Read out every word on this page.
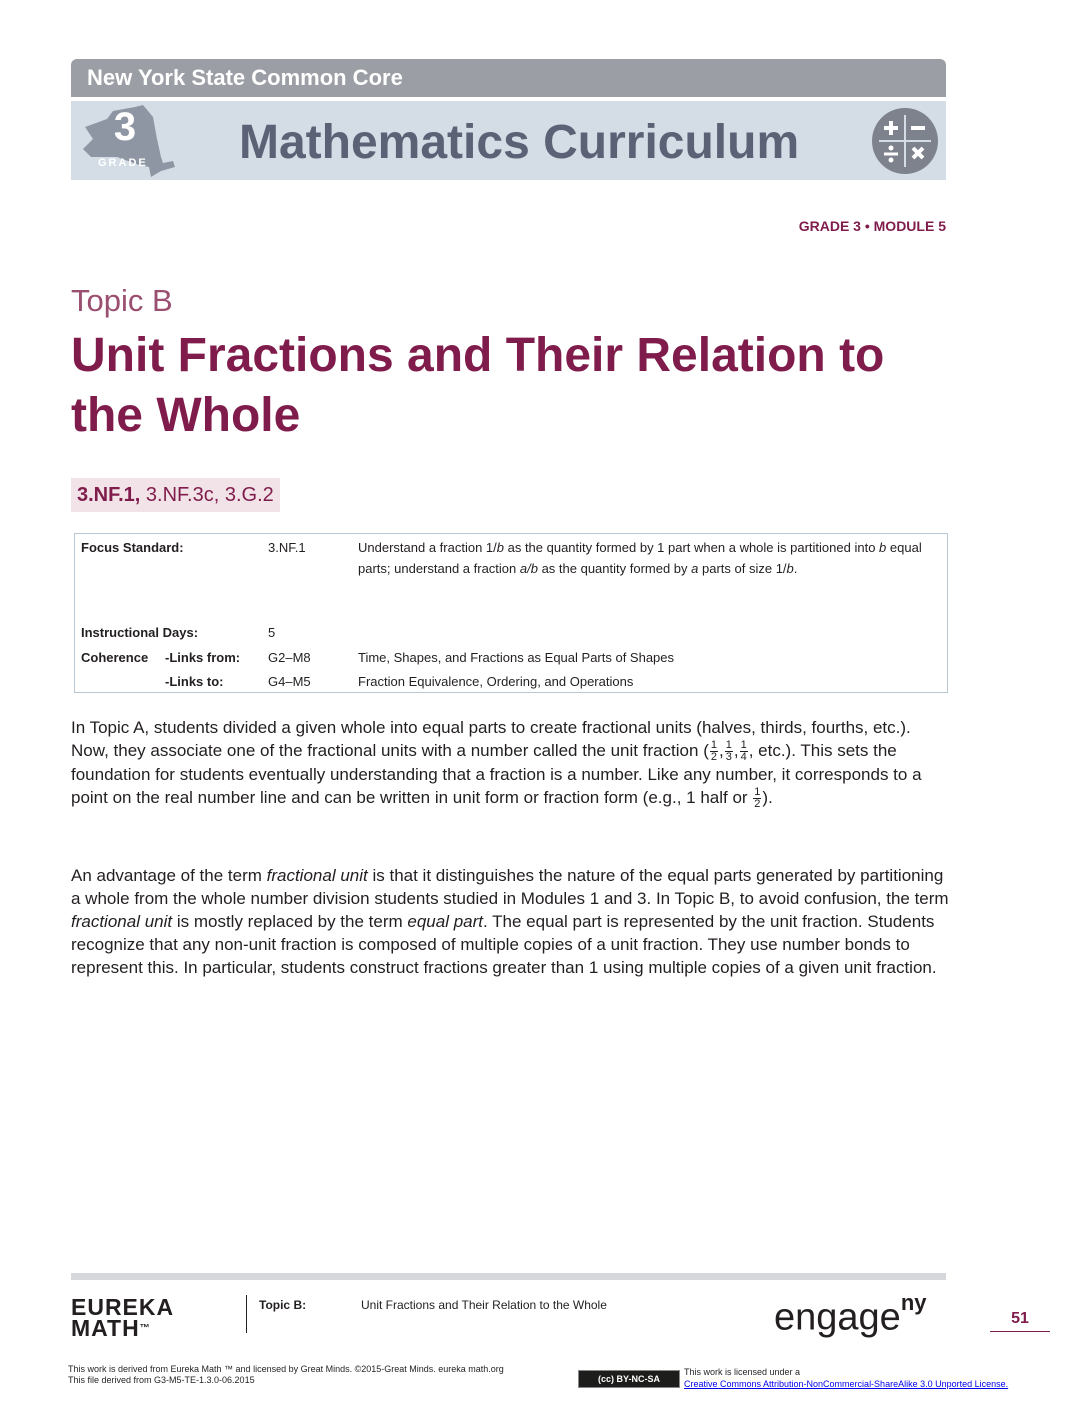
New York State Common Core
3
GRADE Mathematics Curriculum
GRADE 3 • MODULE 5
Topic B
Unit Fractions and Their Relation to the Whole
3.NF.1, 3.NF.3c, 3.G.2
Focus Standard:	3.NF.1	Understand a fraction 1/b as the quantity formed by 1 part when a whole is partitioned into b equal parts; understand a fraction a/b as the quantity formed by a parts of size 1/b.
Instructional Days:	5
Coherence -Links from: G2–M8	Time, Shapes, and Fractions as Equal Parts of Shapes
-Links to:	G4–M5	Fraction Equivalence, Ordering, and Operations
In Topic A, students divided a given whole into equal parts to create fractional units (halves, thirds, fourths, etc.). Now, they associate one of the fractional units with a number called the unit fraction ( $\frac{1}{2}$ , $\frac{1}{3}$ , $\frac{1}{4}$ , etc.). This sets the foundation for students eventually understanding that a fraction is a number. Like any number, it corresponds to a point on the real number line and can be written in unit form or fraction form (e.g., 1 half or $\frac{1}{2}$ ).
An advantage of the term fractional unit is that it distinguishes the nature of the equal parts generated by partitioning a whole from the whole number division students studied in Modules 1 and 3. In Topic B, to avoid confusion, the term fractional unit is mostly replaced by the term equal part. The equal part is represented by the unit fraction. Students recognize that any non-unit fraction is composed of multiple copies of a unit fraction. They use number bonds to represent this. In particular, students construct fractions greater than 1 using multiple copies of a given unit fraction.
EUREKA
MATH™
Topic B:	Unit Fractions and Their Relation to the Whole	engage$^{ny}$
51
This work is derived from Eureka Math ™ and licensed by Great Minds. ©2015-Great Minds. eureka math.org
This file derived from G3-M5-TE-1.3.0-06.2015	(cc) BY-NC-SA
This work is licensed under a
Creative Commons Attribution-NonCommercial-ShareAlike 3.0 Unported License.
